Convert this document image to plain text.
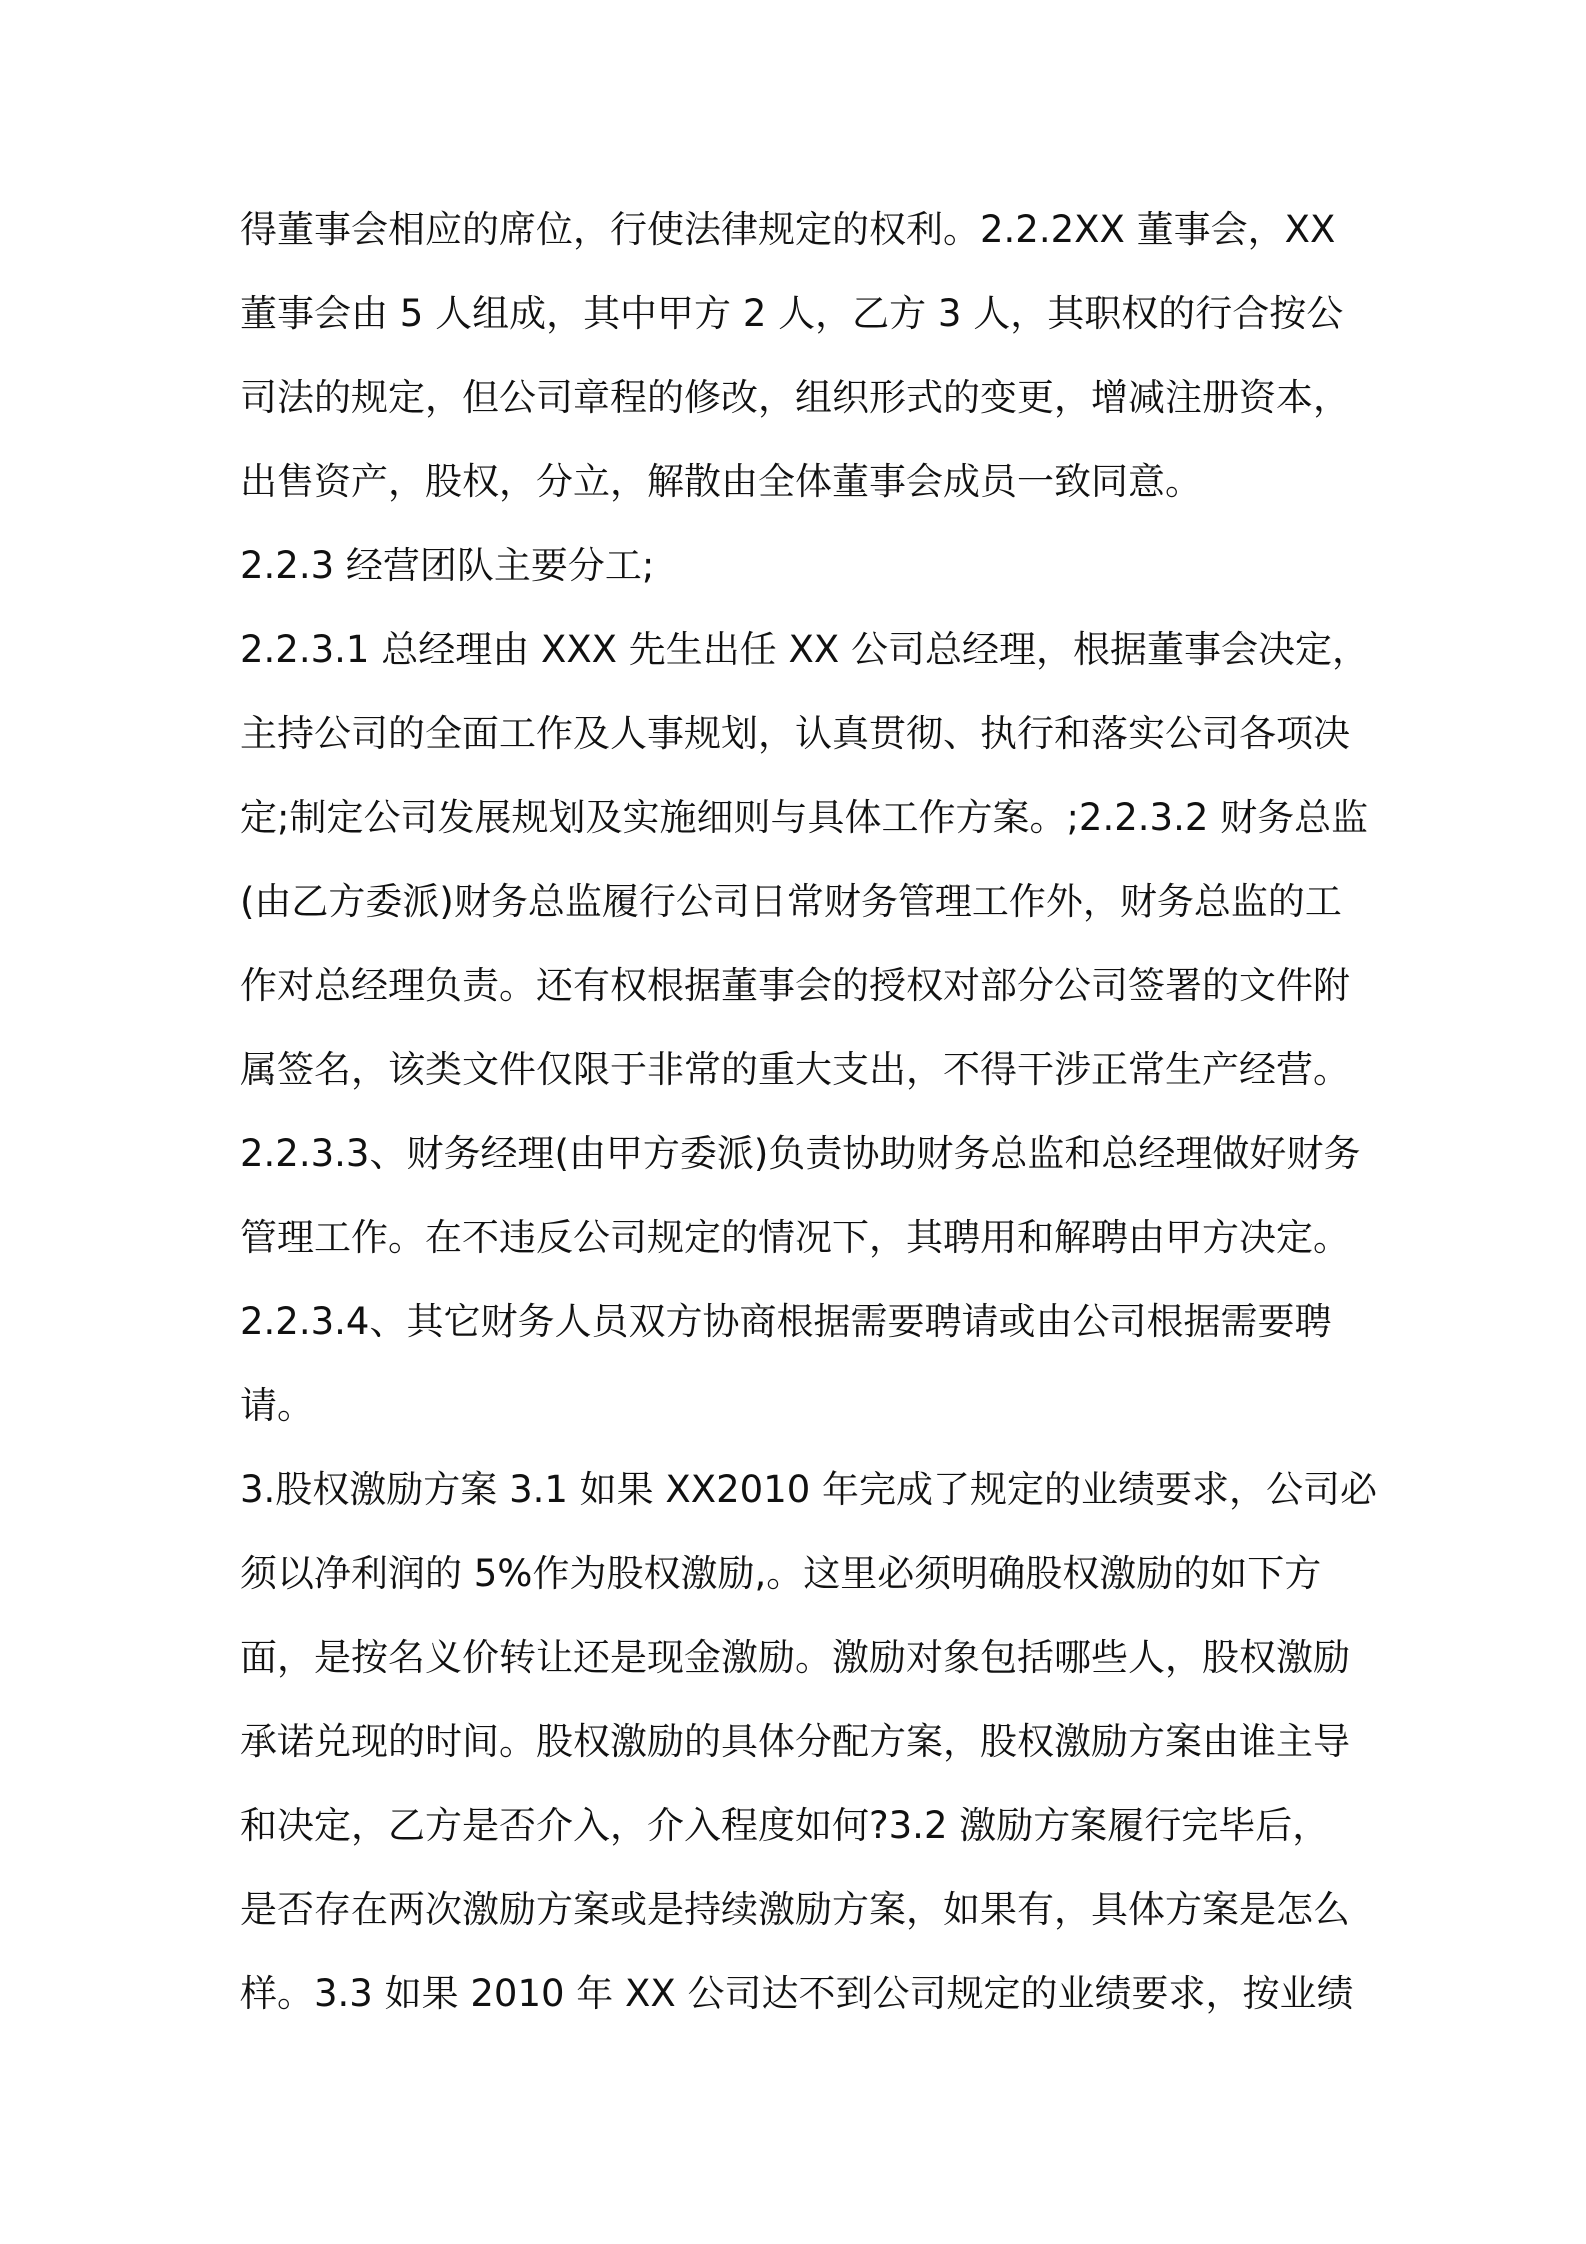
得董事会相应的席位，行使法律规定的权利。2.2.2XX 董事会，XX
董事会由 5 人组成，其中甲方 2 人，乙方 3 人，其职权的行合按公
司法的规定，但公司章程的修改，组织形式的变更，增减注册资本，
出售资产，股权，分立，解散由全体董事会成员一致同意。
2.2.3 经营团队主要分工;
2.2.3.1 总经理由 XXX 先生出任 XX 公司总经理，根据董事会决定，
主持公司的全面工作及人事规划，认真贯彻、执行和落实公司各项决
定;制定公司发展规划及实施细则与具体工作方案。;2.2.3.2 财务总监
(由乙方委派)财务总监履行公司日常财务管理工作外，财务总监的工
作对总经理负责。还有权根据董事会的授权对部分公司签署的文件附
属签名，该类文件仅限于非常的重大支出，不得干涉正常生产经营。
2.2.3.3、财务经理(由甲方委派)负责协助财务总监和总经理做好财务
管理工作。在不违反公司规定的情况下，其聘用和解聘由甲方决定。
2.2.3.4、其它财务人员双方协商根据需要聘请或由公司根据需要聘
请。
3.股权激励方案 3.1 如果 XX2010 年完成了规定的业绩要求，公司必
须以净利润的 5%作为股权激励,。这里必须明确股权激励的如下方
面，是按名义价转让还是现金激励。激励对象包括哪些人，股权激励
承诺兑现的时间。股权激励的具体分配方案，股权激励方案由谁主导
和决定，乙方是否介入，介入程度如何?3.2 激励方案履行完毕后，
是否存在两次激励方案或是持续激励方案，如果有，具体方案是怎么
样。3.3 如果 2010 年 XX 公司达不到公司规定的业绩要求，按业绩
